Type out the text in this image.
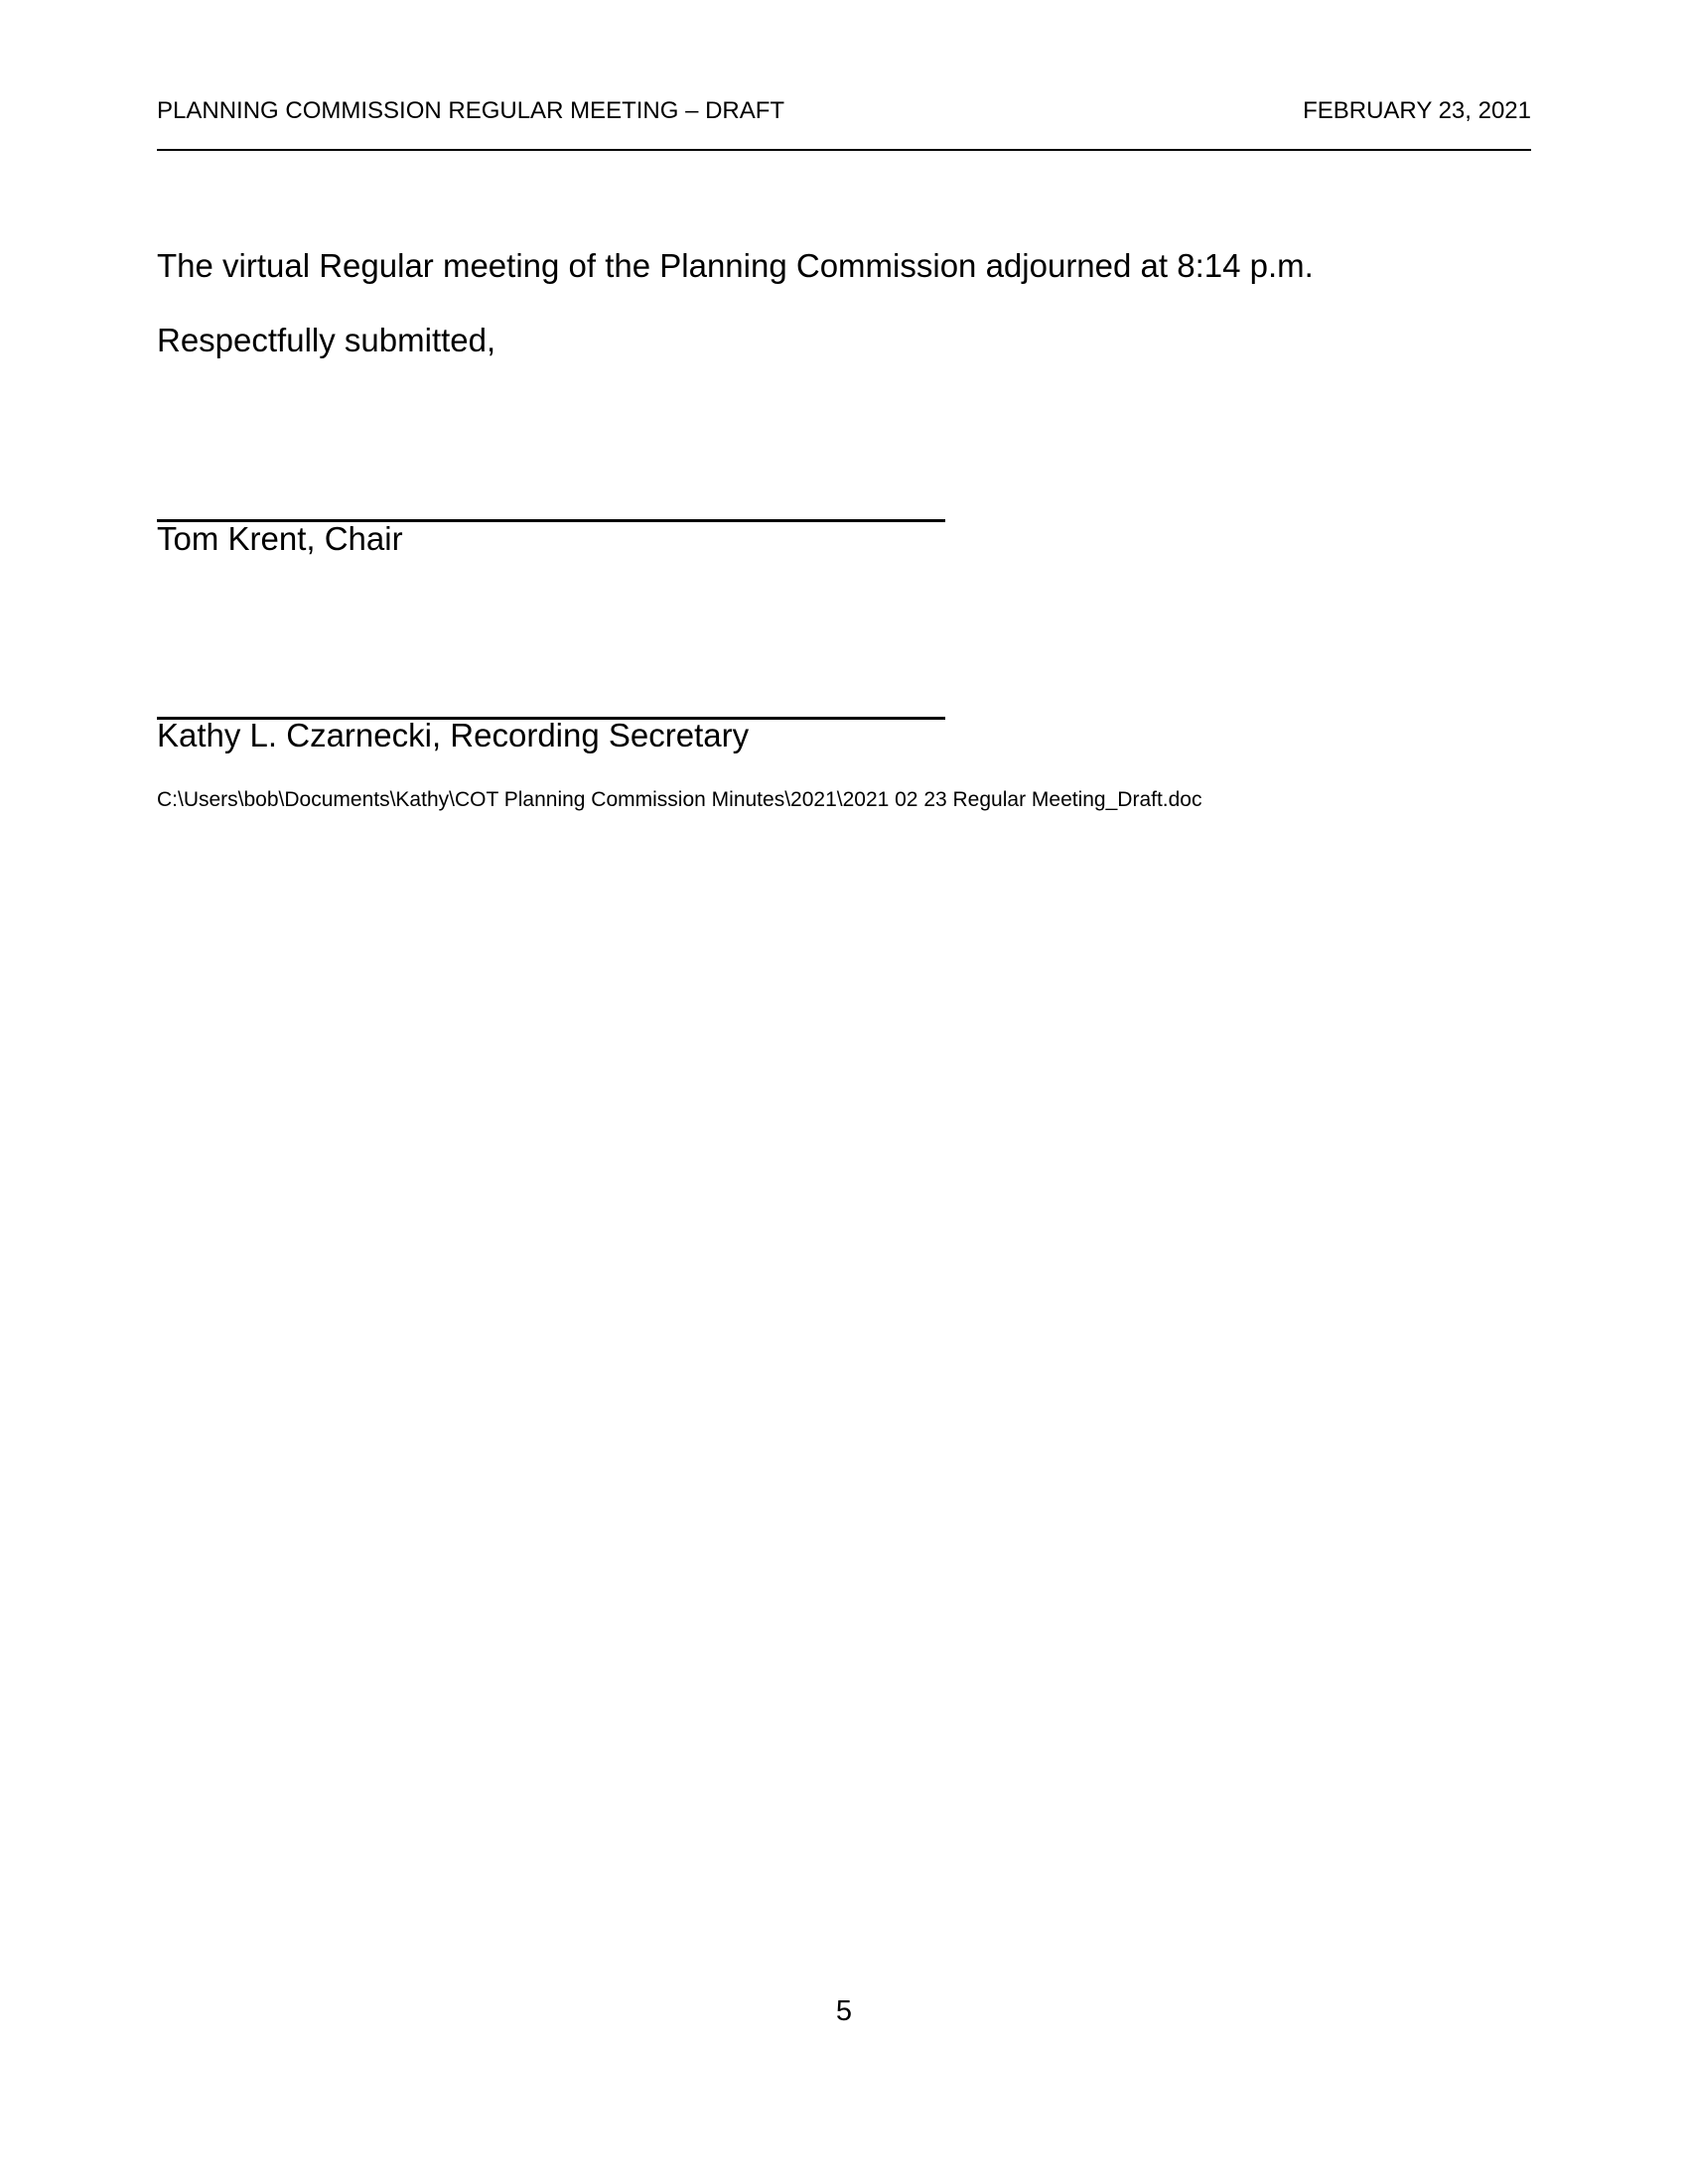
PLANNING COMMISSION REGULAR MEETING – DRAFT	FEBRUARY 23, 2021
The virtual Regular meeting of the Planning Commission adjourned at 8:14 p.m.
Respectfully submitted,
Tom Krent, Chair
Kathy L. Czarnecki, Recording Secretary
C:\Users\bob\Documents\Kathy\COT Planning Commission Minutes\2021\2021 02 23 Regular Meeting_Draft.doc
5
